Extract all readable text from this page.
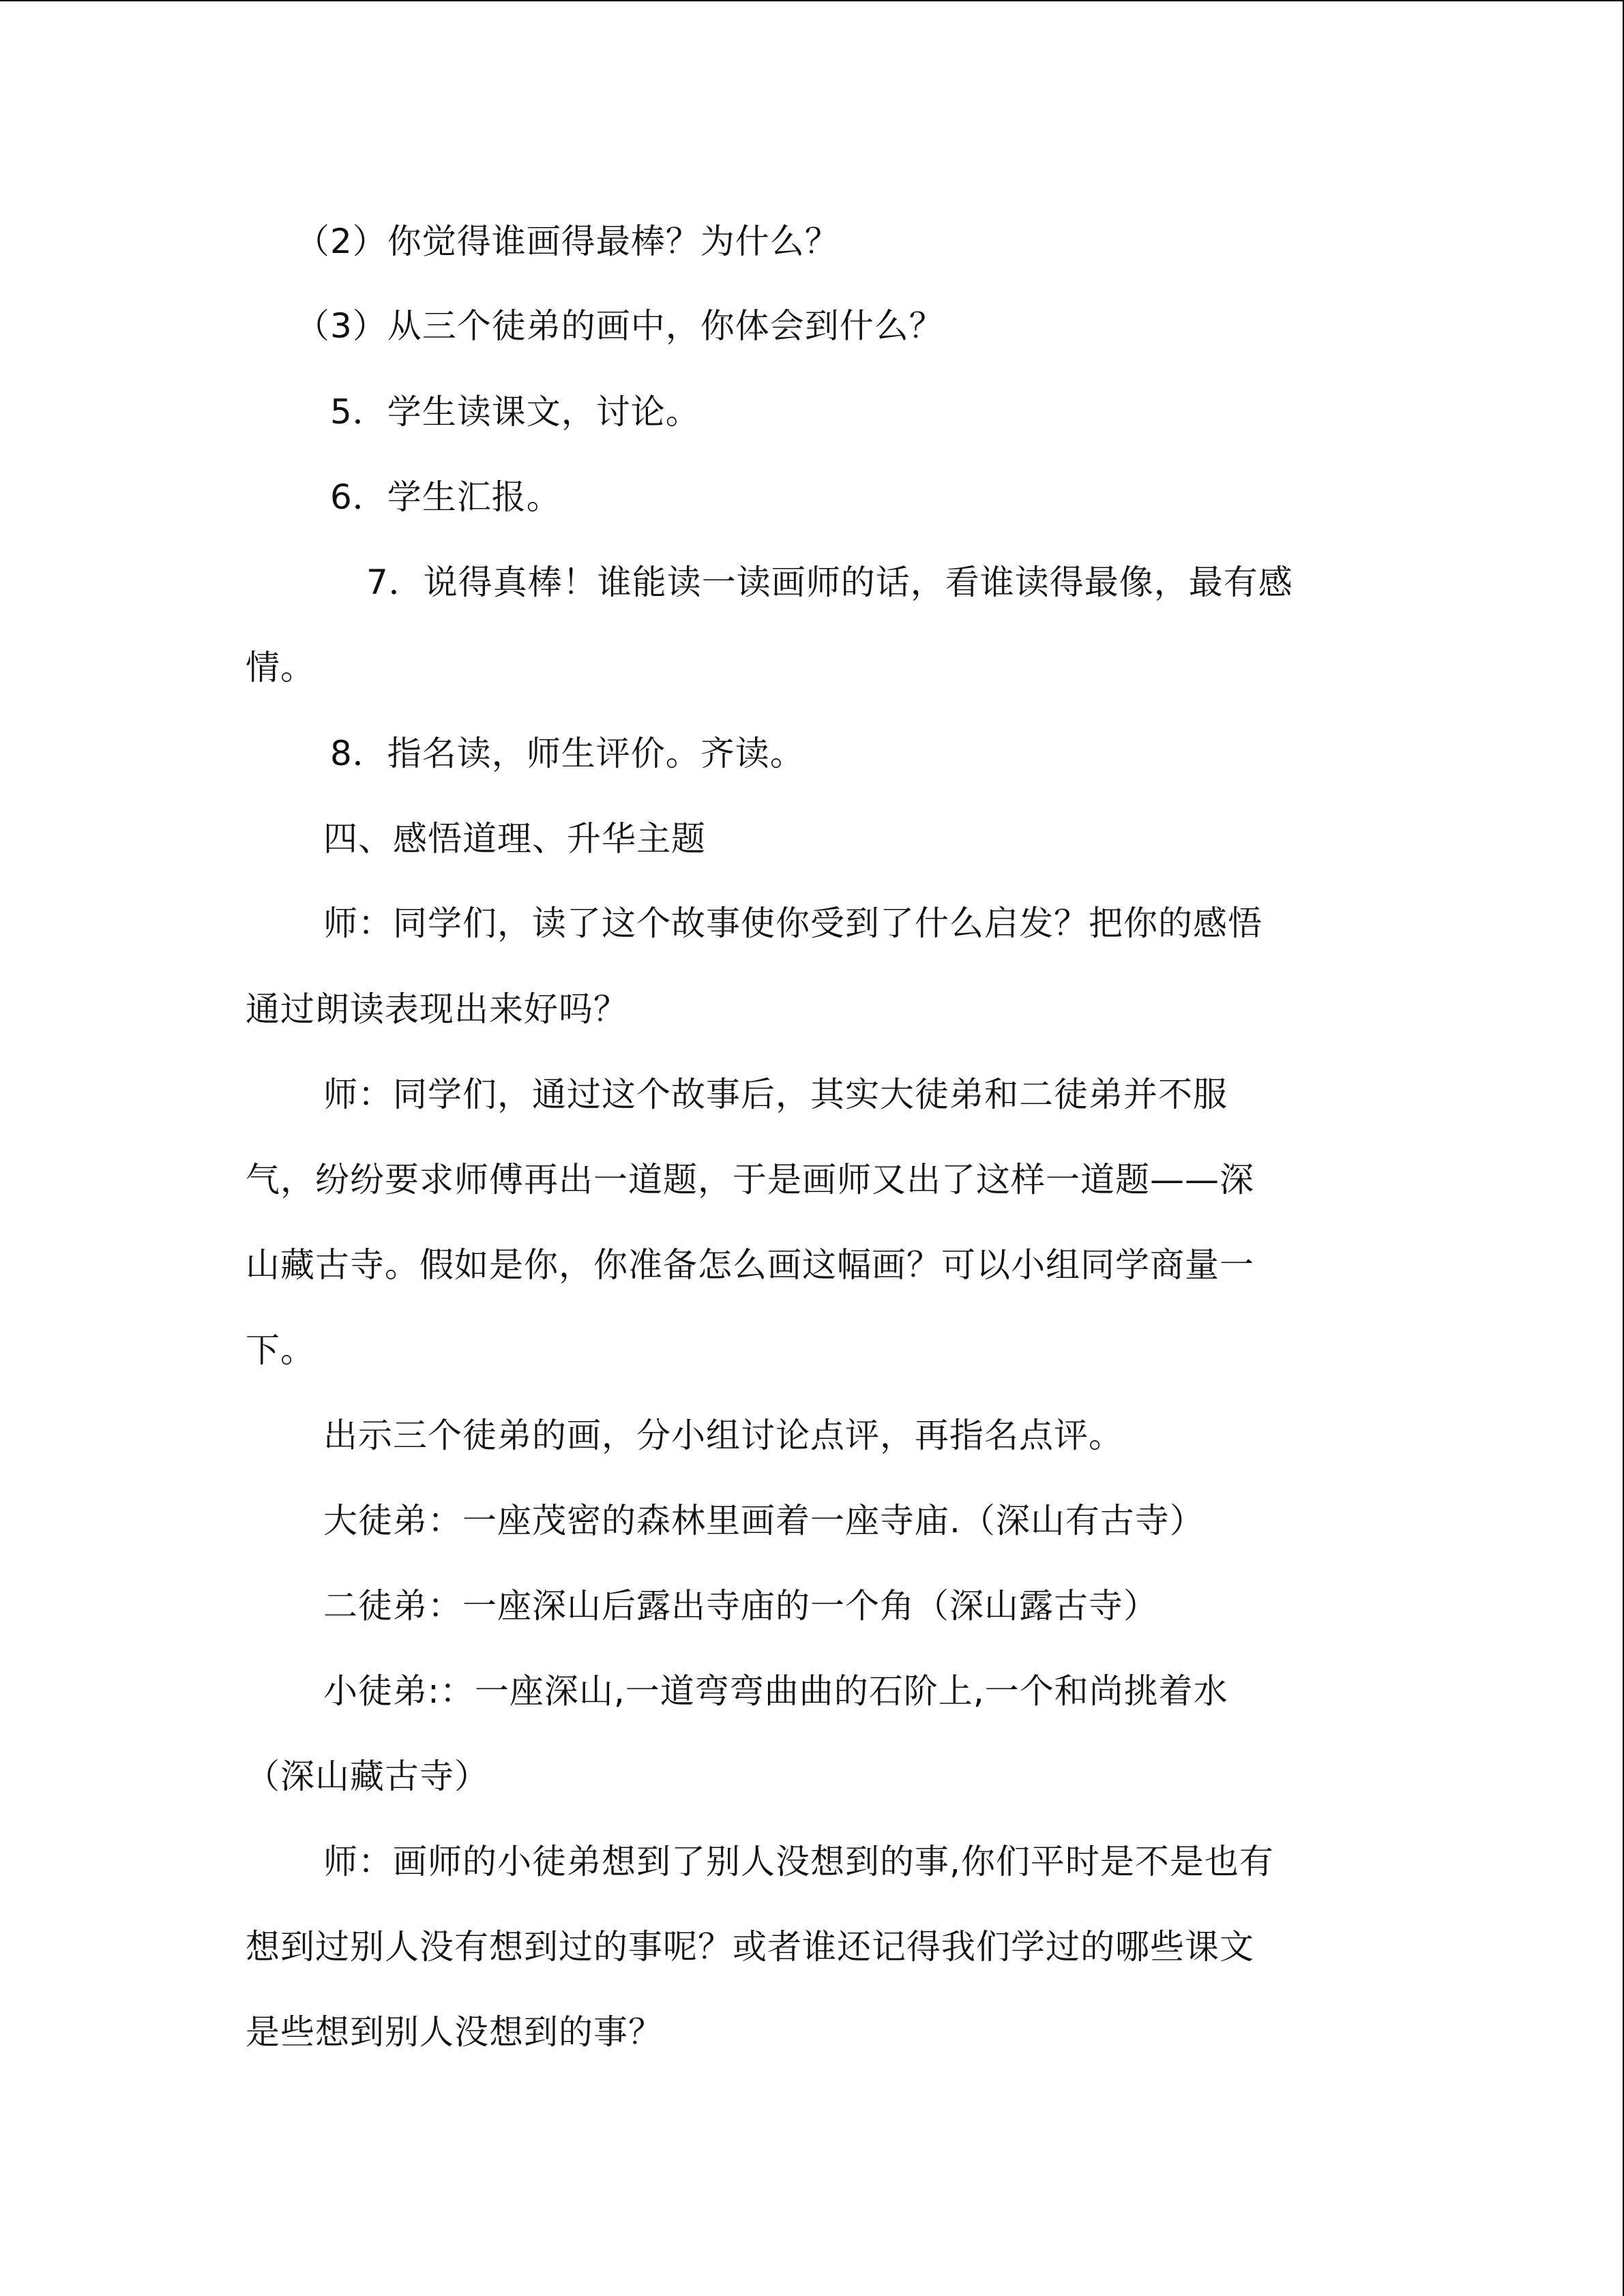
（2）你觉得谁画得最棒？为什么？
（3）从三个徒弟的画中，你体会到什么？
5．学生读课文，讨论。
6．学生汇报。
7．说得真棒！谁能读一读画师的话，看谁读得最像，最有感
情。
8．指名读，师生评价。齐读。
四、感悟道理、升华主题
师：同学们，读了这个故事使你受到了什么启发？把你的感悟
通过朗读表现出来好吗？
师：同学们，通过这个故事后，其实大徒弟和二徒弟并不服
气，纷纷要求师傅再出一道题，于是画师又出了这样一道题——深
山藏古寺。假如是你，你准备怎么画这幅画？可以小组同学商量一
下。
出示三个徒弟的画，分小组讨论点评，再指名点评。
大徒弟：一座茂密的森林里画着一座寺庙.（深山有古寺）
二徒弟：一座深山后露出寺庙的一个角（深山露古寺）
小徒弟:：一座深山,一道弯弯曲曲的石阶上,一个和尚挑着水
（深山藏古寺）
师：画师的小徒弟想到了别人没想到的事,你们平时是不是也有
想到过别人没有想到过的事呢？或者谁还记得我们学过的哪些课文
是些想到别人没想到的事？
